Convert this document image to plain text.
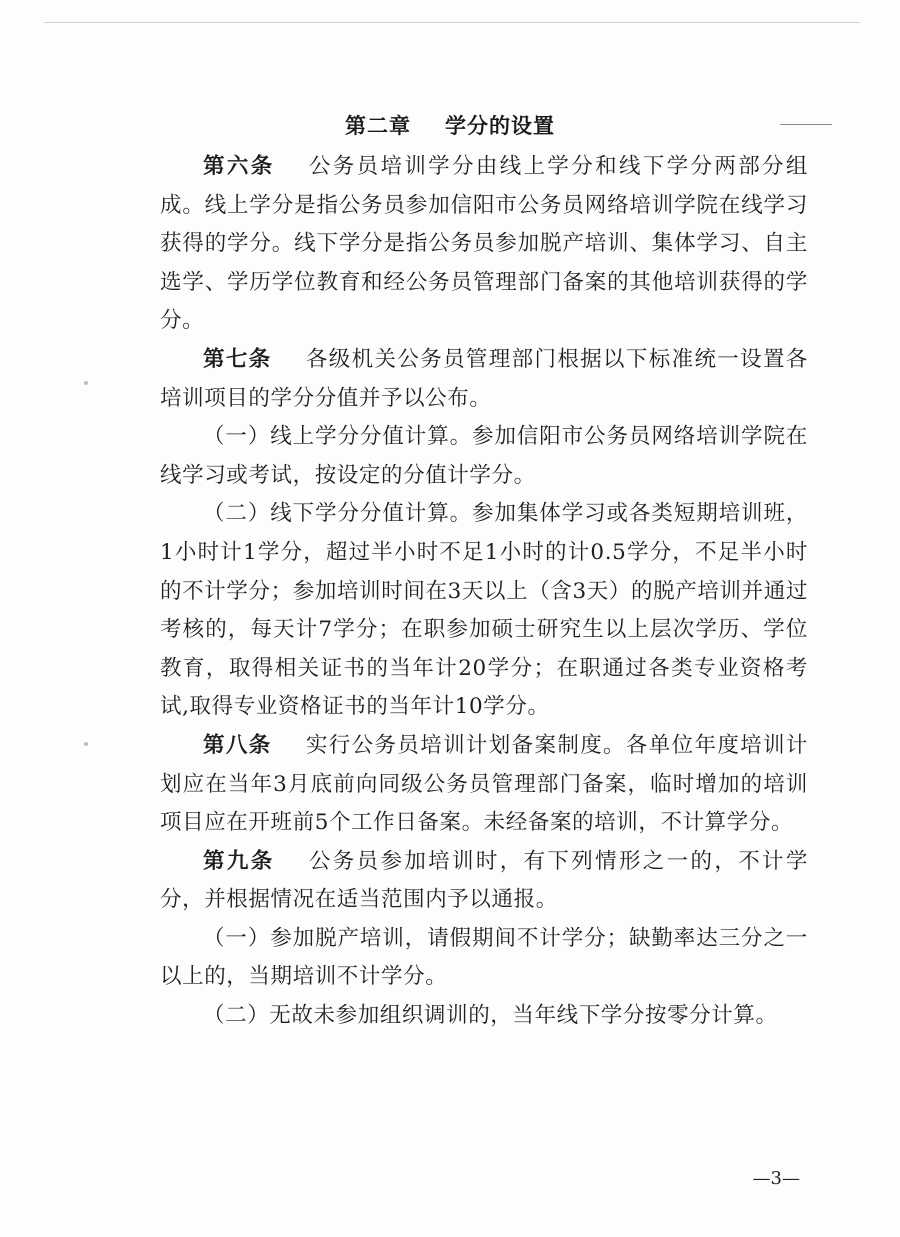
第二章 学分的设置

第六条 公务员培训学分由线上学分和线下学分两部分组成。线上学分是指公务员参加信阳市公务员网络培训学院在线学习获得的学分。线下学分是指公务员参加脱产培训、集体学习、自主选学、学历学位教育和经公务员管理部门备案的其他培训获得的学分。

第七条 各级机关公务员管理部门根据以下标准统一设置各培训项目的学分分值并予以公布。

（一）线上学分分值计算。参加信阳市公务员网络培训学院在线学习或考试，按设定的分值计学分。

（二）线下学分分值计算。参加集体学习或各类短期培训班，1小时计1学分，超过半小时不足1小时的计0.5学分，不足半小时的不计学分；参加培训时间在3天以上（含3天）的脱产培训并通过考核的，每天计7学分；在职参加硕士研究生以上层次学历、学位教育，取得相关证书的当年计20学分；在职通过各类专业资格考试,取得专业资格证书的当年计10学分。

第八条 实行公务员培训计划备案制度。各单位年度培训计划应在当年3月底前向同级公务员管理部门备案，临时增加的培训项目应在开班前5个工作日备案。未经备案的培训，不计算学分。

第九条 公务员参加培训时，有下列情形之一的，不计学分，并根据情况在适当范围内予以通报。

（一）参加脱产培训，请假期间不计学分；缺勤率达三分之一以上的，当期培训不计学分。

（二）无故未参加组织调训的，当年线下学分按零分计算。

—3—
